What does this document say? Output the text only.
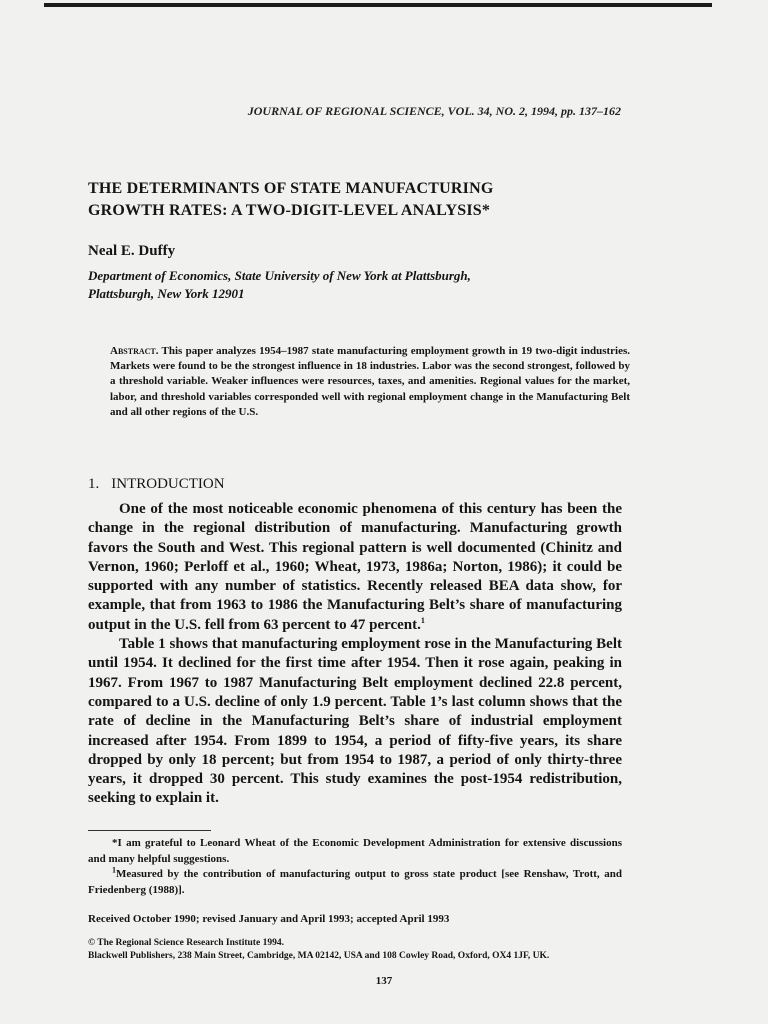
JOURNAL OF REGIONAL SCIENCE, VOL. 34, NO. 2, 1994, pp. 137–162
THE DETERMINANTS OF STATE MANUFACTURING
GROWTH RATES: A TWO-DIGIT-LEVEL ANALYSIS*
Neal E. Duffy
Department of Economics, State University of New York at Plattsburgh,
Plattsburgh, New York 12901

Abstract. This paper analyzes 1954–1987 state manufacturing employment growth in 19 two-digit industries. Markets were found to be the strongest influence in 18 industries. Labor was the second strongest, followed by a threshold variable. Weaker influences were resources, taxes, and amenities. Regional values for the market, labor, and threshold variables corresponded well with regional employment change in the Manufacturing Belt and all other regions of the U.S.

1. INTRODUCTION

One of the most noticeable economic phenomena of this century has been the change in the regional distribution of manufacturing. Manufacturing growth favors the South and West. This regional pattern is well documented (Chinitz and Vernon, 1960; Perloff et al., 1960; Wheat, 1973, 1986a; Norton, 1986); it could be supported with any number of statistics. Recently released BEA data show, for example, that from 1963 to 1986 the Manufacturing Belt’s share of manufacturing output in the U.S. fell from 63 percent to 47 percent.$^1$

Table 1 shows that manufacturing employment rose in the Manufacturing Belt until 1954. It declined for the first time after 1954. Then it rose again, peaking in 1967. From 1967 to 1987 Manufacturing Belt employment declined 22.8 percent, compared to a U.S. decline of only 1.9 percent. Table 1’s last column shows that the rate of decline in the Manufacturing Belt’s share of industrial employment increased after 1954. From 1899 to 1954, a period of fifty-five years, its share dropped by only 18 percent; but from 1954 to 1987, a period of only thirty-three years, it dropped 30 percent. This study examines the post-1954 redistribution, seeking to explain it.

*I am grateful to Leonard Wheat of the Economic Development Administration for extensive discussions and many helpful suggestions.

$^1$Measured by the contribution of manufacturing output to gross state product [see Renshaw, Trott, and Friedenberg (1988)].

Received October 1990; revised January and April 1993; accepted April 1993
© The Regional Science Research Institute 1994.
Blackwell Publishers, 238 Main Street, Cambridge, MA 02142, USA and 108 Cowley Road, Oxford, OX4 1JF, UK.
137
